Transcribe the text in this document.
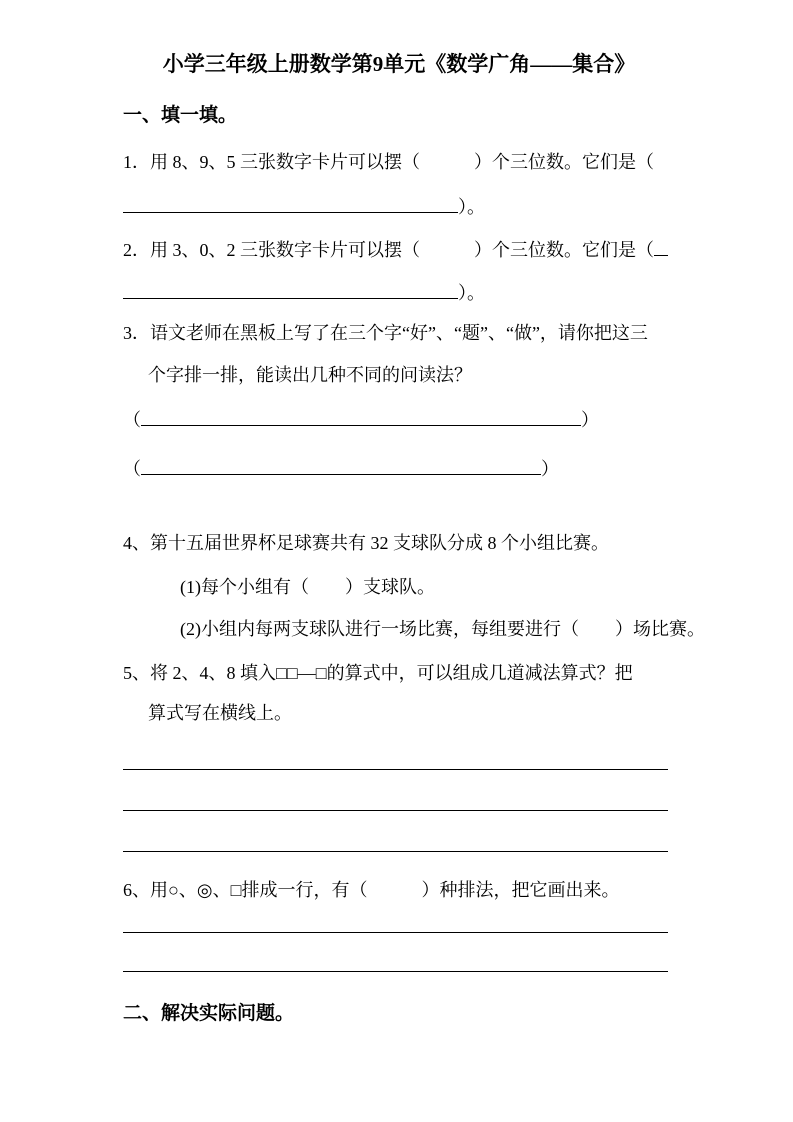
小学三年级上册数学第9单元《数学广角——集合》
一、填一填。
1．用 8、9、5 三张数字卡片可以摆（　　　）个三位数。它们是（
）。
2．用 3、0、2 三张数字卡片可以摆（　　　）个三位数。它们是（
）。
3．语文老师在黑板上写了在三个字“好”、“题”、“做”，请你把这三
个字排一排，能读出几种不同的问读法？
（	）
（	）
4、第十五届世界杯足球赛共有 32 支球队分成 8 个小组比赛。
(1)每个小组有（　　）支球队。
(2)小组内每两支球队进行一场比赛，每组要进行（　　）场比赛。
5、将 2、4、8 填入□□—□的算式中，可以组成几道减法算式？把
算式写在横线上。
6、用○、◎、□排成一行，有（　　　）种排法，把它画出来。
二、解决实际问题。
